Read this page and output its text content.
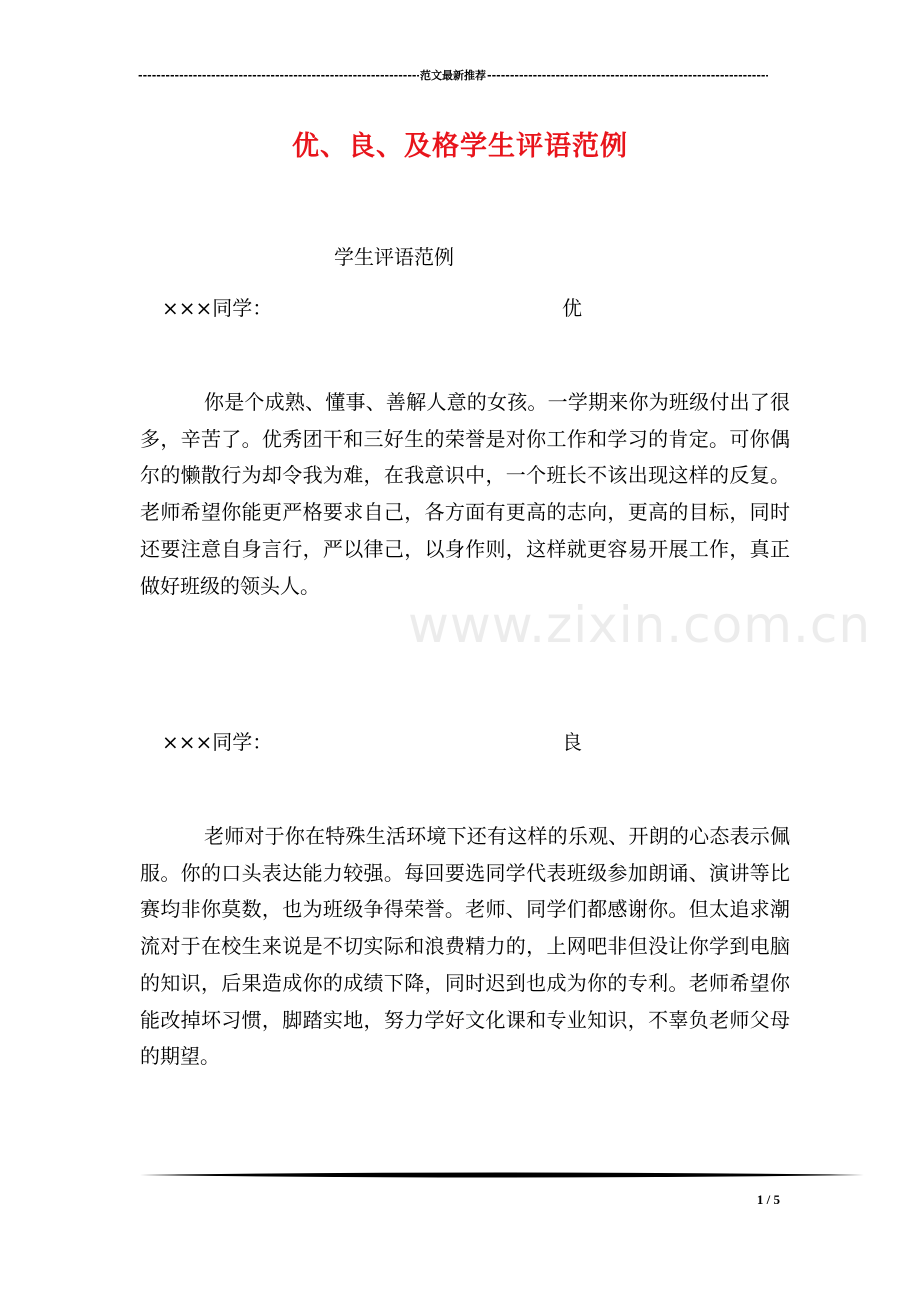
-----
范文最新推荐
-----
优、良、及格学生评语范例
www.zixin.com.cn
学生评语范例
×××同学：	优
你是个成熟、懂事、善解人意的女孩。一学期来你为班级付出了很多，辛苦了。优秀团干和三好生的荣誉是对你工作和学习的肯定。可你偶尔的懒散行为却令我为难，在我意识中，一个班长不该出现这样的反复。老师希望你能更严格要求自己，各方面有更高的志向，更高的目标，同时还要注意自身言行，严以律己，以身作则，这样就更容易开展工作，真正做好班级的领头人。
×××同学：	良
老师对于你在特殊生活环境下还有这样的乐观、开朗的心态表示佩服。你的口头表达能力较强。每回要选同学代表班级参加朗诵、演讲等比赛均非你莫数，也为班级争得荣誉。老师、同学们都感谢你。但太追求潮流对于在校生来说是不切实际和浪费精力的，上网吧非但没让你学到电脑的知识，后果造成你的成绩下降，同时迟到也成为你的专利。老师希望你能改掉坏习惯，脚踏实地，努力学好文化课和专业知识，不辜负老师父母的期望。
1 / 5
